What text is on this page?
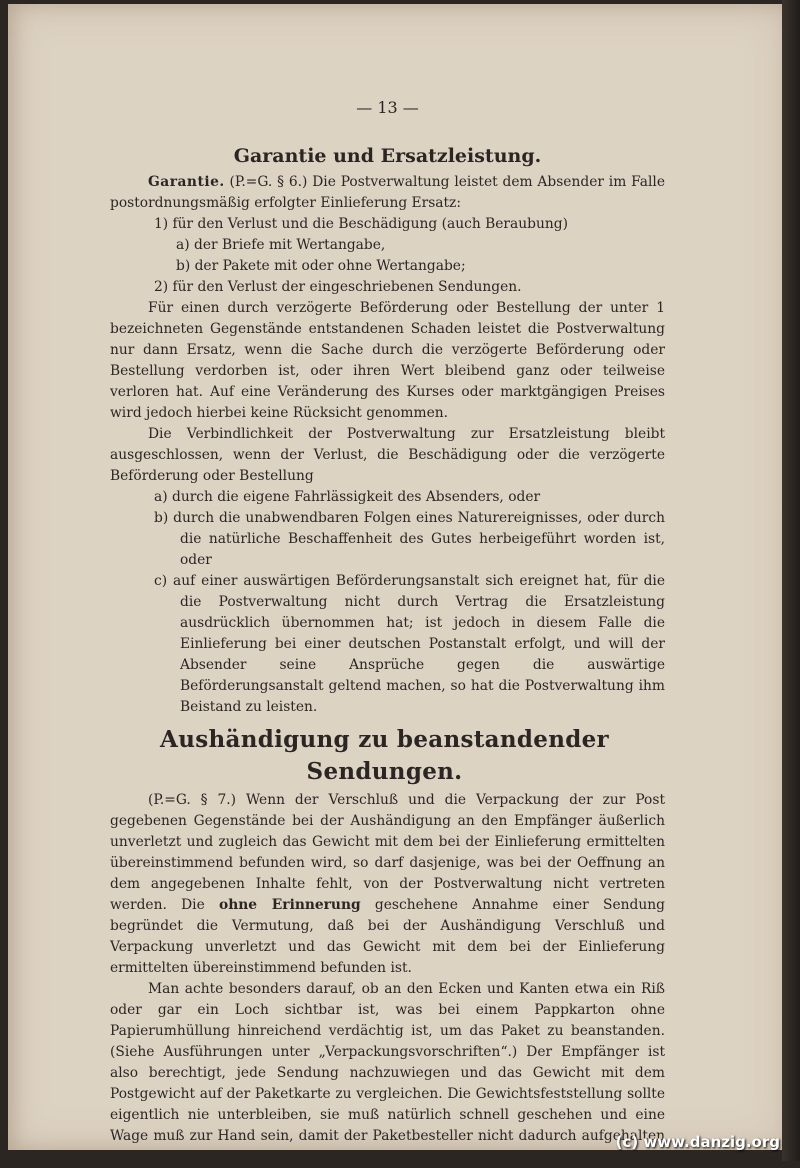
— 13 —
Garantie und Ersatzleistung.

Garantie. (P.=G. § 6.) Die Postverwaltung leistet dem Absender im Falle postordnungsmäßig erfolgter Einlieferung Ersatz:

1) für den Verlust und die Beschädigung (auch Beraubung)
a) der Briefe mit Wertangabe,
b) der Pakete mit oder ohne Wertangabe;
2) für den Verlust der eingeschriebenen Sendungen.

Für einen durch verzögerte Beförderung oder Bestellung der unter 1 bezeichneten Gegenstände entstandenen Schaden leistet die Postverwaltung nur dann Ersatz, wenn die Sache durch die verzögerte Beförderung oder Bestellung verdorben ist, oder ihren Wert bleibend ganz oder teilweise verloren hat. Auf eine Veränderung des Kurses oder marktgängigen Preises wird jedoch hierbei keine Rücksicht genommen.

Die Verbindlichkeit der Postverwaltung zur Ersatzleistung bleibt ausgeschlossen, wenn der Verlust, die Beschädigung oder die verzögerte Beförderung oder Bestellung

a) durch die eigene Fahrlässigkeit des Absenders, oder
b) durch die unabwendbaren Folgen eines Naturereignisses, oder durch die natürliche Beschaffenheit des Gutes herbeigeführt worden ist, oder
c) auf einer auswärtigen Beförderungsanstalt sich ereignet hat, für die die Postverwaltung nicht durch Vertrag die Ersatzleistung ausdrücklich übernommen hat; ist jedoch in diesem Falle die Einlieferung bei einer deutschen Postanstalt erfolgt, und will der Absender seine Ansprüche gegen die auswärtige Beförderungsanstalt geltend machen, so hat die Postverwaltung ihm Beistand zu leisten.
Aushändigung zu beanstandender Sendungen.

(P.=G. § 7.) Wenn der Verschluß und die Verpackung der zur Post gegebenen Gegenstände bei der Aushändigung an den Empfänger äußerlich unverletzt und zugleich das Gewicht mit dem bei der Einlieferung ermittelten übereinstimmend befunden wird, so darf dasjenige, was bei der Oeffnung an dem angegebenen Inhalte fehlt, von der Postverwaltung nicht vertreten werden. Die ohne Erinnerung geschehene Annahme einer Sendung begründet die Vermutung, daß bei der Aushändigung Verschluß und Verpackung unverletzt und das Gewicht mit dem bei der Einlieferung ermittelten übereinstimmend befunden ist.

Man achte besonders darauf, ob an den Ecken und Kanten etwa ein Riß oder gar ein Loch sichtbar ist, was bei einem Pappkarton ohne Papierumhüllung hinreichend verdächtig ist, um das Paket zu beanstanden. (Siehe Ausführungen unter „Verpackungsvorschriften“.) Der Empfänger ist also berechtigt, jede Sendung nachzuwiegen und das Gewicht mit dem Postgewicht auf der Paketkarte zu vergleichen. Die Gewichtsfeststellung sollte eigentlich nie unterbleiben, sie muß natürlich schnell geschehen und eine Wage muß zur Hand sein, damit der Paketbesteller nicht dadurch aufgehalten wird.

(c) www.danzig.org
